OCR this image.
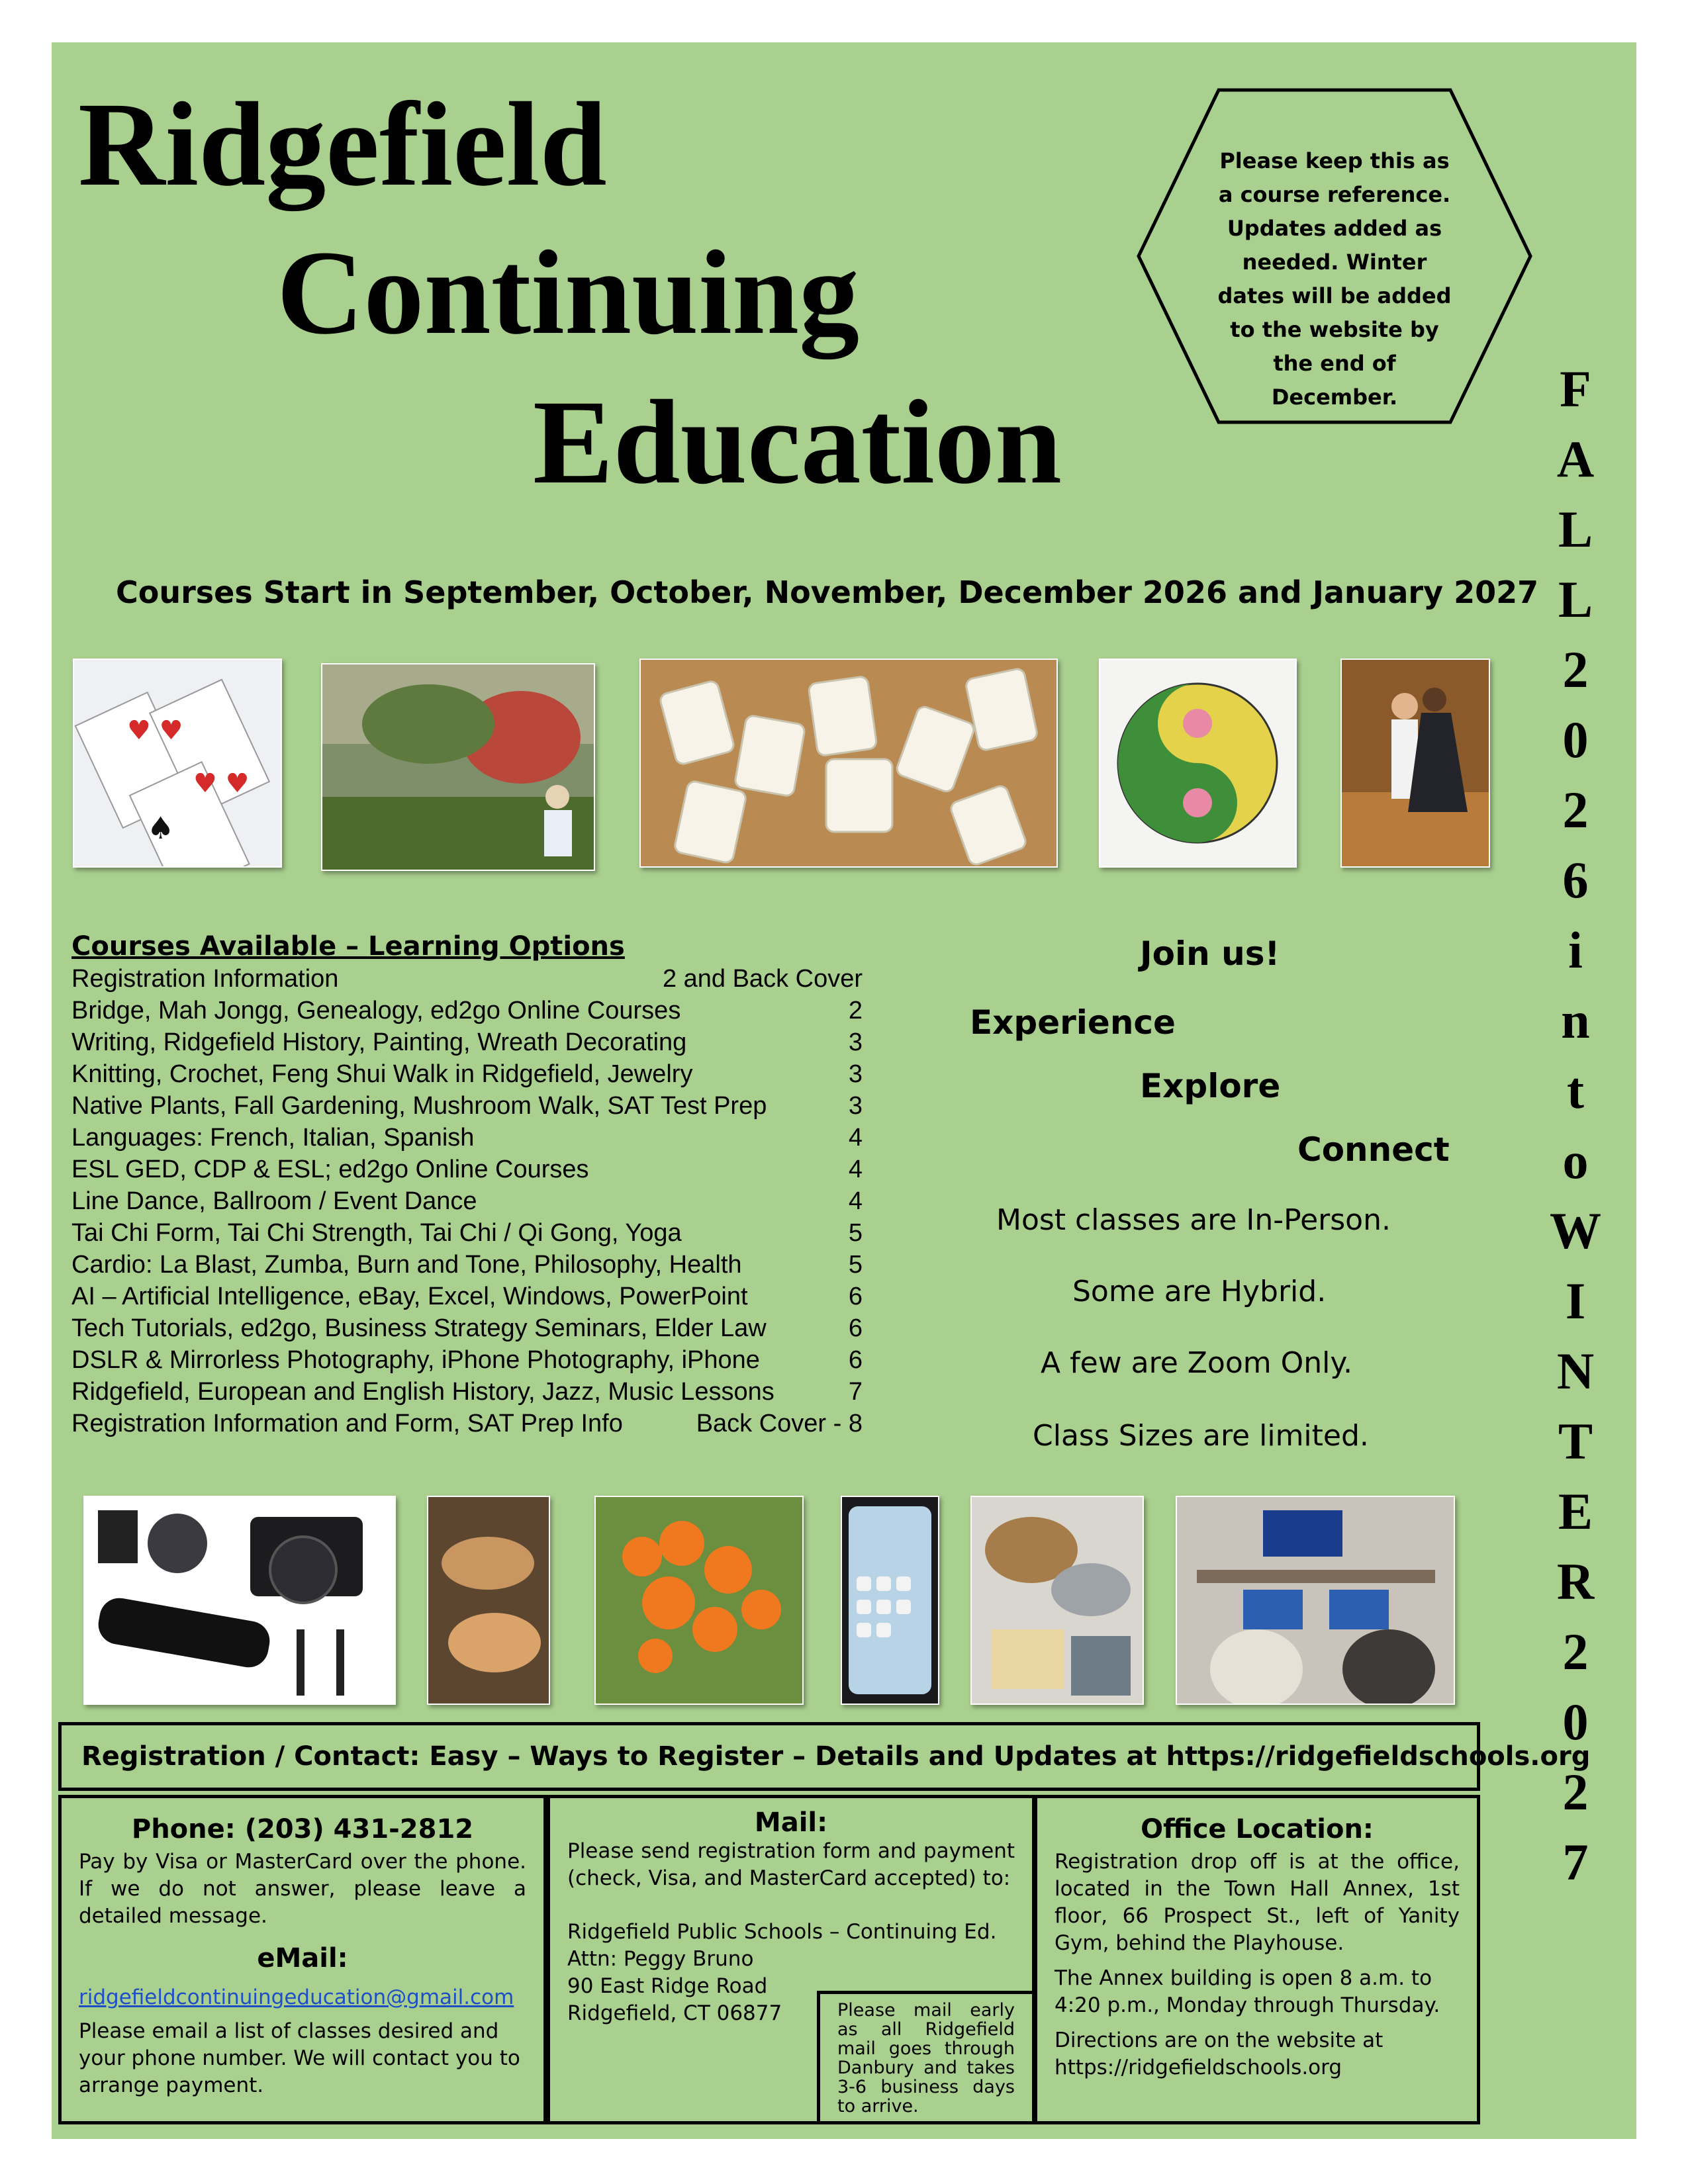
Ridgefield
Continuing
Education
Please keep this as a course reference. Updates added as needed. Winter dates will be added to the website by the end of December.	F
A
L
L
2
0
2
6
i
n
t
o
W
I
N
T
E
R
2
0
2
7
Courses Start in September, October, November, December 2026 and January 2027
♥ ♥
♥ ♥
♠
Courses Available – Learning Options
Registration Information	2 and Back Cover
Bridge, Mah Jongg, Genealogy, ed2go Online Courses	2
Writing, Ridgefield History, Painting, Wreath Decorating	3
Knitting, Crochet, Feng Shui Walk in Ridgefield, Jewelry	3
Native Plants, Fall Gardening, Mushroom Walk, SAT Test Prep	3
Languages: French, Italian, Spanish	4
ESL GED, CDP & ESL; ed2go Online Courses	4
Line Dance, Ballroom / Event Dance	4
Tai Chi Form, Tai Chi Strength, Tai Chi / Qi Gong, Yoga	5
Cardio: La Blast, Zumba, Burn and Tone, Philosophy, Health	5
AI – Artificial Intelligence, eBay, Excel, Windows, PowerPoint	6
Tech Tutorials, ed2go, Business Strategy Seminars, Elder Law	6
DSLR & Mirrorless Photography, iPhone Photography, iPhone	6
Ridgefield, European and English History, Jazz, Music Lessons	7
Registration Information and Form, SAT Prep Info	Back Cover - 8
Join us!
Experience
Explore
Connect
Most classes are In-Person.
Some are Hybrid.
A few are Zoom Only.
Class Sizes are limited.
Registration / Contact: Easy – Ways to Register – Details and Updates at https://ridgefieldschools.org
Phone: (203) 431-2812
Pay by Visa or MasterCard over the phone. If we do not answer, please leave a detailed message.
eMail:
ridgefieldcontinuingeducation@gmail.com
Please email a list of classes desired and your phone number. We will contact you to arrange payment.
Mail:
Please send registration form and payment (check, Visa, and MasterCard accepted) to:
Ridgefield Public Schools – Continuing Ed.
Attn: Peggy Bruno
90 East Ridge Road
Ridgefield, CT 06877	Please mail early as all Ridgefield mail goes through Danbury and takes 3-6 business days to arrive.
Office Location:
Registration drop off is at the office, located in the Town Hall Annex, 1st floor, 66 Prospect St., left of Yanity Gym, behind the Playhouse.
The Annex building is open 8 a.m. to 4:20 p.m., Monday through Thursday.
Directions are on the website at https://ridgefieldschools.org
